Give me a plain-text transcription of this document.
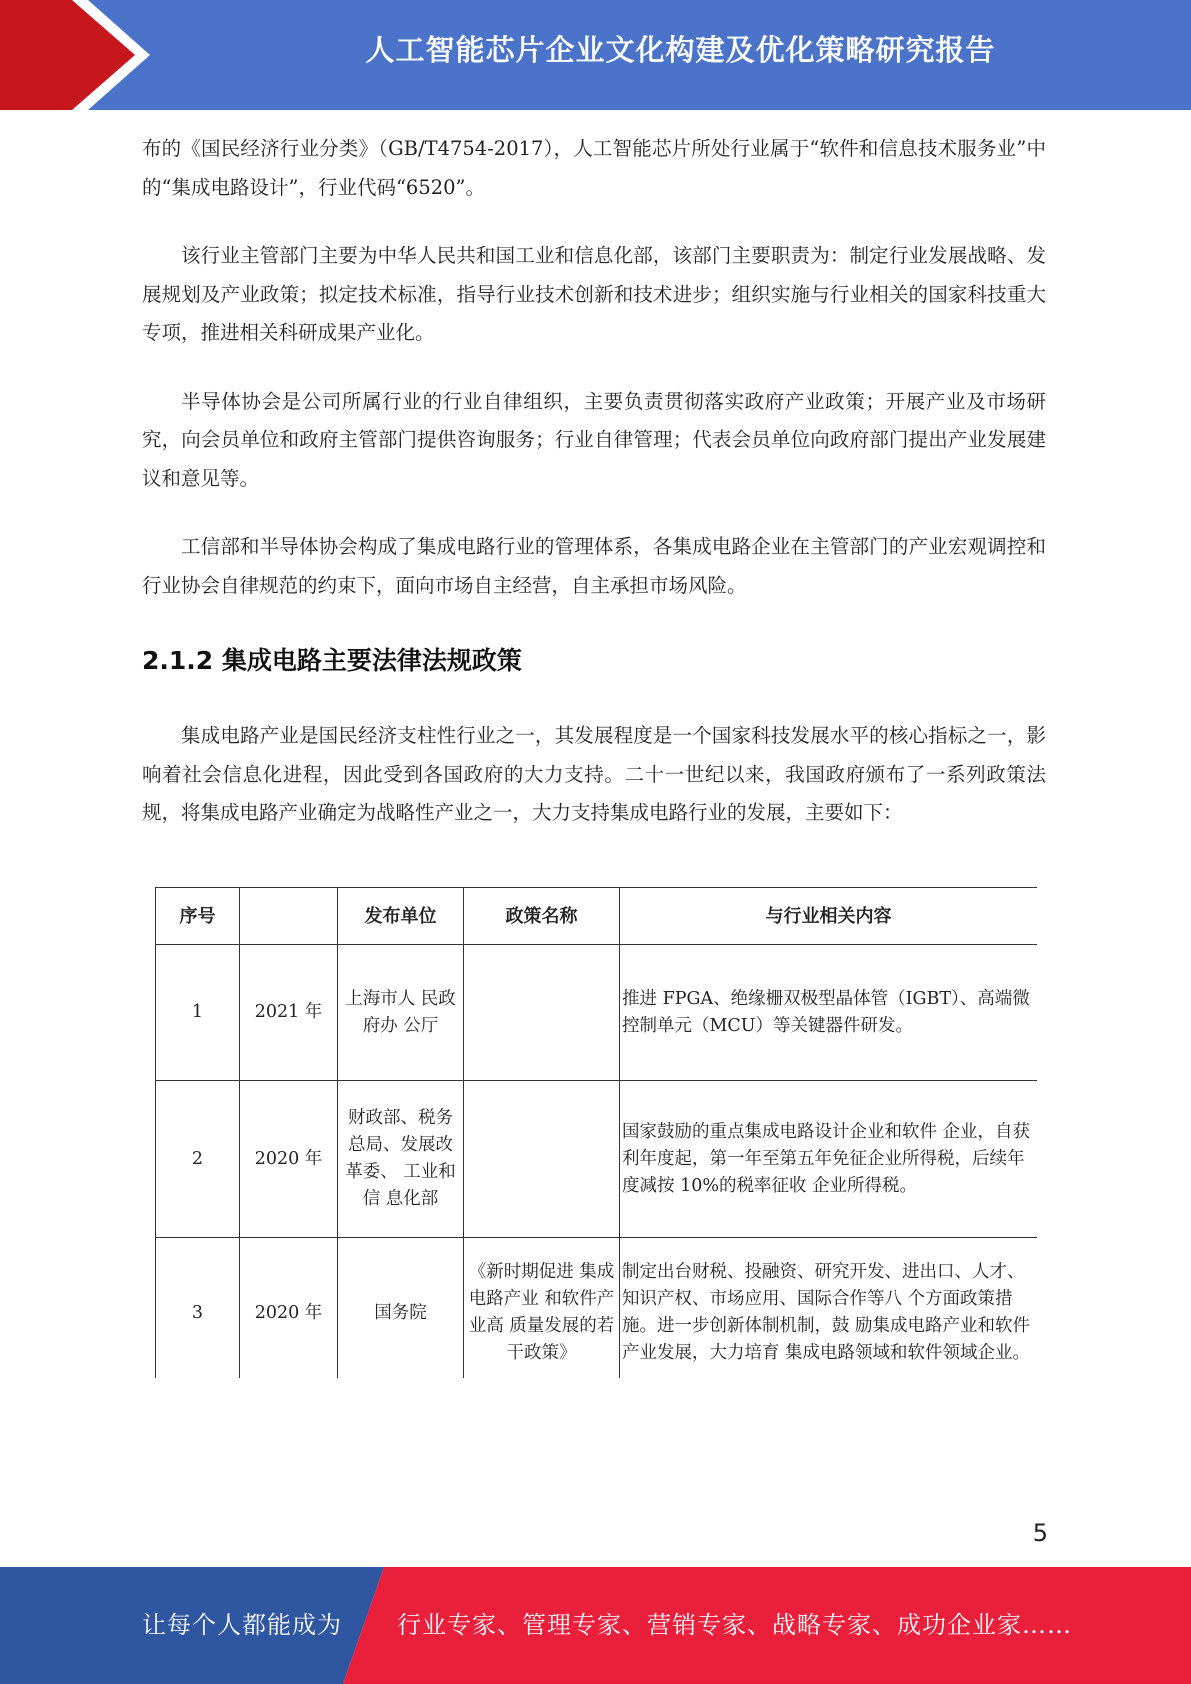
人工智能芯片企业文化构建及优化策略研究报告

布的《国民经济行业分类》（GB/T4754-2017），人工智能芯片所处行业属于“软件和信息技术服务业”中的“集成电路设计”，行业代码“6520”。

该行业主管部门主要为中华人民共和国工业和信息化部，该部门主要职责为：制定行业发展战略、发展规划及产业政策；拟定技术标准，指导行业技术创新和技术进步；组织实施与行业相关的国家科技重大专项，推进相关科研成果产业化。

半导体协会是公司所属行业的行业自律组织，主要负责贯彻落实政府产业政策；开展产业及市场研究，向会员单位和政府主管部门提供咨询服务；行业自律管理；代表会员单位向政府部门提出产业发展建议和意见等。

工信部和半导体协会构成了集成电路行业的管理体系，各集成电路企业在主管部门的产业宏观调控和行业协会自律规范的约束下，面向市场自主经营，自主承担市场风险。

2.1.2 集成电路主要法律法规政策

集成电路产业是国民经济支柱性行业之一，其发展程度是一个国家科技发展水平的核心指标之一，影响着社会信息化进程，因此受到各国政府的大力支持。二十一世纪以来，我国政府颁布了一系列政策法规，将集成电路产业确定为战略性产业之一，大力支持集成电路行业的发展，主要如下：

序号		发布单位	政策名称	与行业相关内容
1	2021 年	上海市人 民政府办 公厅		推进 FPGA、绝缘栅双极型晶体管（IGBT）、高端微控制单元（MCU）等关键器件研发。
2	2020 年	财政部、税务总局、发展改革委、 工业和信 息化部		国家鼓励的重点集成电路设计企业和软件 企业，自获利年度起，第一年至第五年免征企业所得税，后续年度减按 10%的税率征收 企业所得税。
3	2020 年	国务院	《新时期促进 集成电路产业 和软件产业高 质量发展的若 干政策》	制定出台财税、投融资、研究开发、进出口、人才、知识产权、市场应用、国际合作等八 个方面政策措施。进一步创新体制机制，鼓 励集成电路产业和软件产业发展，大力培育 集成电路领域和软件领域企业。
5
让每个人都能成为 行业专家、管理专家、营销专家、战略专家、成功企业家……
